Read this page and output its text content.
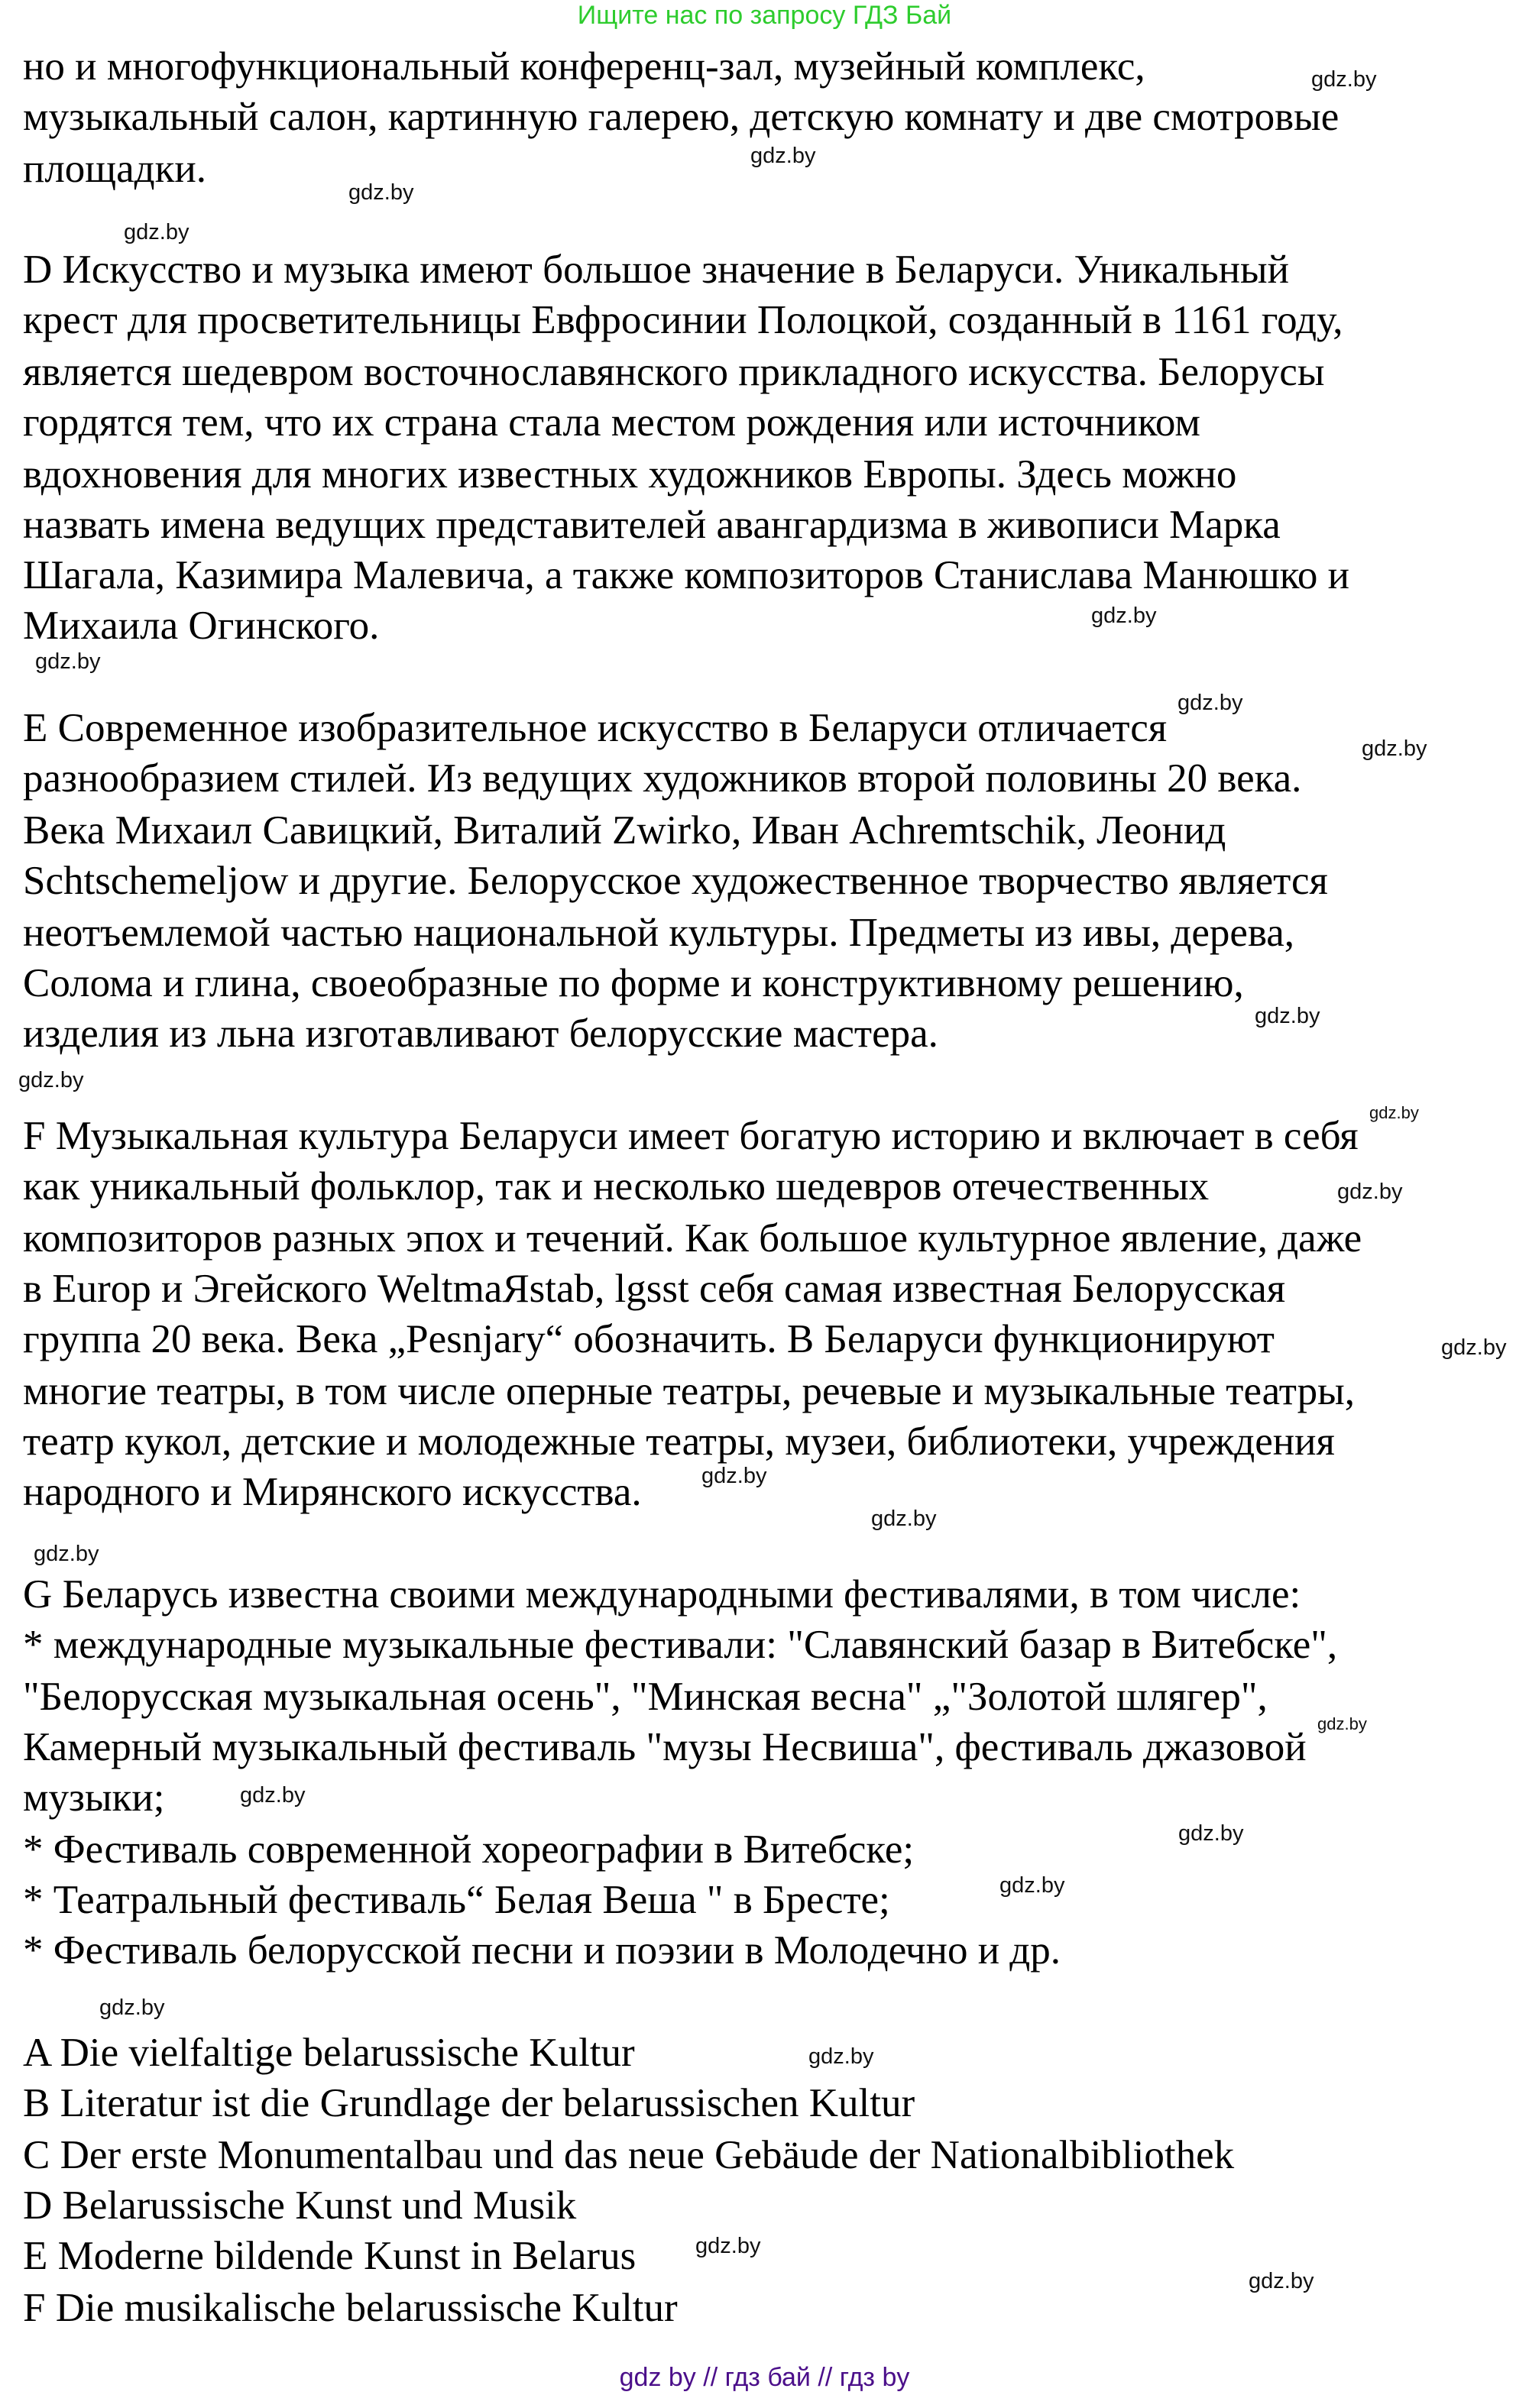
Ищите нас по запросу ГДЗ Бай
но и многофункциональный конференц-зал, музейный комплекс,
музыкальный салон, картинную галерею, детскую комнату и две смотровые
площадки.
D Искусство и музыка имеют большое значение в Беларуси. Уникальный
крест для просветительницы Евфросинии Полоцкой, созданный в 1161 году,
является шедевром восточнославянского прикладного искусства. Белорусы
гордятся тем, что их страна стала местом рождения или источником
вдохновения для многих известных художников Европы. Здесь можно
назвать имена ведущих представителей авангардизма в живописи Марка
Шагала, Казимира Малевича, а также композиторов Станислава Манюшко и
Михаила Огинского.
E Современное изобразительное искусство в Беларуси отличается
разнообразием стилей. Из ведущих художников второй половины 20 века.
Века Михаил Савицкий, Виталий Zwirko, Иван Achremtschik, Леонид
Schtschemeljow и другие. Белорусское художественное творчество является
неотъемлемой частью национальной культуры. Предметы из ивы, дерева,
Солома и глина, своеобразные по форме и конструктивному решению,
изделия из льна изготавливают белорусские мастера.
F Музыкальная культура Беларуси имеет богатую историю и включает в себя
как уникальный фольклор, так и несколько шедевров отечественных
композиторов разных эпох и течений. Как большое культурное явление, даже
в Europ и Эгейского WeltmaЯstab, lgsst себя самая известная Белорусская
группа 20 века. Века „Pesnjary“ обозначить. В Беларуси функционируют
многие театры, в том числе оперные театры, речевые и музыкальные театры,
театр кукол, детские и молодежные театры, музеи, библиотеки, учреждения
народного и Мирянского искусства.
G Беларусь известна своими международными фестивалями, в том числе:
* международные музыкальные фестивали: "Славянский базар в Витебске",
"Белорусская музыкальная осень", "Минская весна" „"Золотой шлягер",
Камерный музыкальный фестиваль "музы Несвиша", фестиваль джазовой
музыки;
* Фестиваль современной хореографии в Витебске;
* Театральный фестиваль“ Белая Веша " в Бресте;
* Фестиваль белорусской песни и поэзии в Молодечно и др.
A Die vielfaltige belarussische Kultur
B Literatur ist die Grundlage der belarussischen Kultur
C Der erste Monumentalbau und das neue Gebäude der Nationalbibliothek
D Belarussische Kunst und Musik
E Moderne bildende Kunst in Belarus
F Die musikalische belarussische Kultur
gdz.by
gdz.by
gdz.by
gdz.by
gdz.by
gdz.by
gdz.by
gdz.by
gdz.by
gdz.by
gdz.by
gdz.by
gdz.by
gdz.by
gdz.by
gdz.by
gdz.by
gdz.by
gdz.by
gdz.by
gdz.by
gdz.by
gdz.by
gdz.by
gdz by // гдз бай // гдз by
